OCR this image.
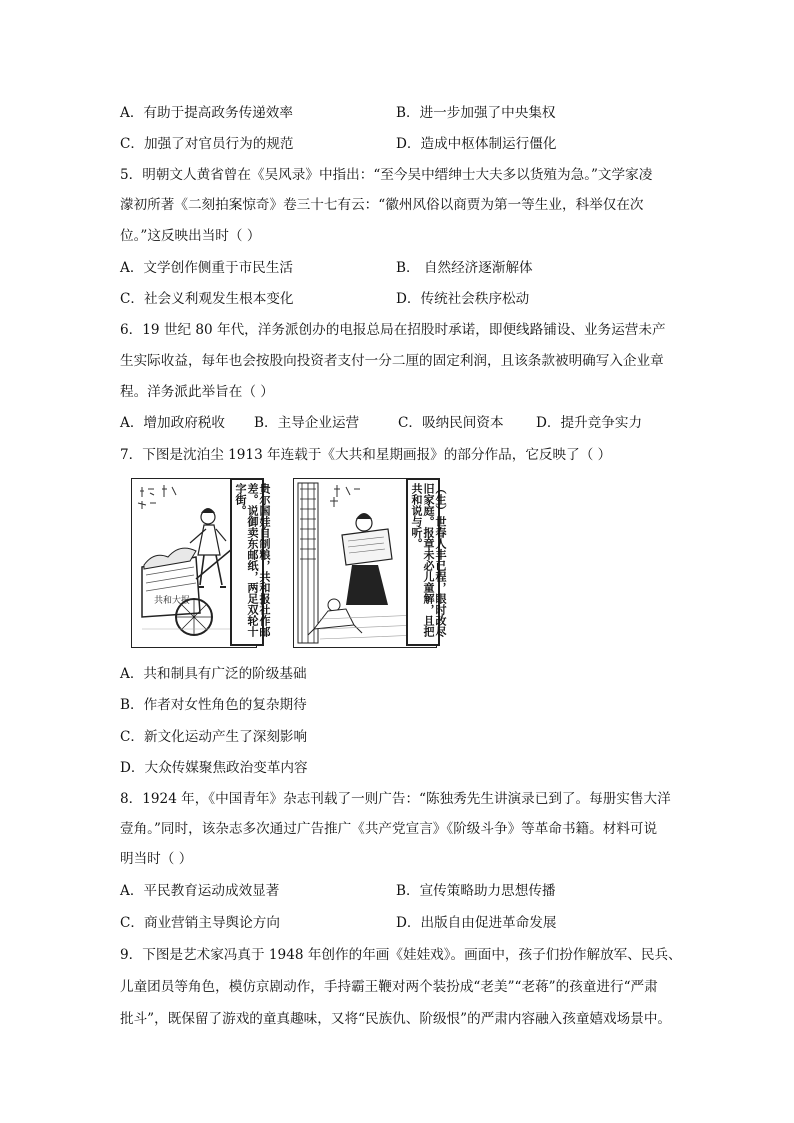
A．有助于提高政务传递效率	B．进一步加强了中央集权
C．加强了对官员行为的规范	D．造成中枢体制运行僵化
5．明朝文人黄省曾在《吴风录》中指出：“至今吴中缙绅士大夫多以货殖为急。”文学家凌
濛初所著《二刻拍案惊奇》卷三十七有云：“徽州风俗以商贾为第一等生业，科举仅在次
位。”这反映出当时（ ）
A．文学创作侧重于市民生活	B． 自然经济逐渐解体
C．社会义利观发生根本变化	D．传统社会秩序松动
6．19 世纪 80 年代，洋务派创办的电报总局在招股时承诺，即便线路铺设、业务运营未产
生实际收益，每年也会按股向投资者支付一分二厘的固定利润，且该条款被明确写入企业章
程。洋务派此举旨在（ ）
A．增加政府税收 B．主导企业运营	C．吸纳民间资本 D．提升竞争实力
7．下图是沈泊尘 1913 年连载于《大共和星期画报》的部分作品，它反映了（ ）
共和大报	贵尔国娃自制粮，共和报社作邮差。说御卖东邮纸，两足双轮十字街。	（生）世春人丰已程，眼时改尽旧家庭。报章未必儿童解，且把共和说与听。
A．共和制具有广泛的阶级基础
B．作者对女性角色的复杂期待
C．新文化运动产生了深刻影响
D．大众传媒聚焦政治变革内容
8．1924 年，《中国青年》杂志刊载了一则广告：“陈独秀先生讲演录已到了。每册实售大洋
壹角。”同时，该杂志多次通过广告推广《共产党宣言》《阶级斗争》等革命书籍。材料可说
明当时（ ）
A．平民教育运动成效显著	B．宣传策略助力思想传播
C．商业营销主导舆论方向	D．出版自由促进革命发展
9．下图是艺术家冯真于 1948 年创作的年画《娃娃戏》。画面中，孩子们扮作解放军、民兵、
儿童团员等角色，模仿京剧动作，手持霸王鞭对两个装扮成“老美”“老蒋”的孩童进行“严肃
批斗”，既保留了游戏的童真趣味，又将“民族仇、阶级恨”的严肃内容融入孩童嬉戏场景中。
